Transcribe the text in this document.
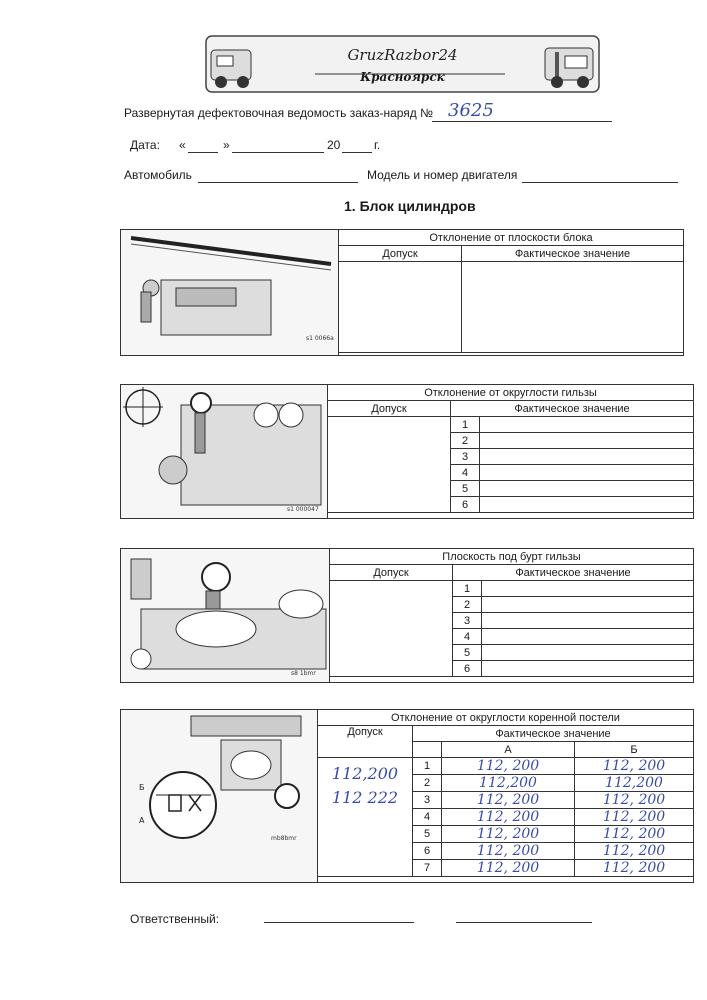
GruzRazbor24
Красноярск
Развернутая дефектовочная ведомость заказ-наряд № 3625
Дата: «	»	20	г.
Автомобиль	Модель и номер двигателя
1. Блок цилиндров
s1 0066a
Отклонение от плоскости блока	
Допуск	Фактическое значение

s1 000047
Отклонение от округлости гильзы		
Допуск	Фактическое значение	
	1	
	2	
	3	
	4	
	5	
	6	
s8 1bmr
Плоскость под бурт гильзы		
Допуск	Фактическое значение	
	1	
	2	
	3	
	4	
	5	
	6	
Б
А
mb8bmr
Отклонение от округлости коренной постели			
Допуск	Фактическое значение		
		А	Б

112,200
112 222	1	112, 200	112, 200
	2	112,200	112,200
	3	112, 200	112, 200
	4	112, 200	112, 200
	5	112, 200	112, 200
	6	112, 200	112, 200
	7	112, 200	112, 200
Ответственный:
